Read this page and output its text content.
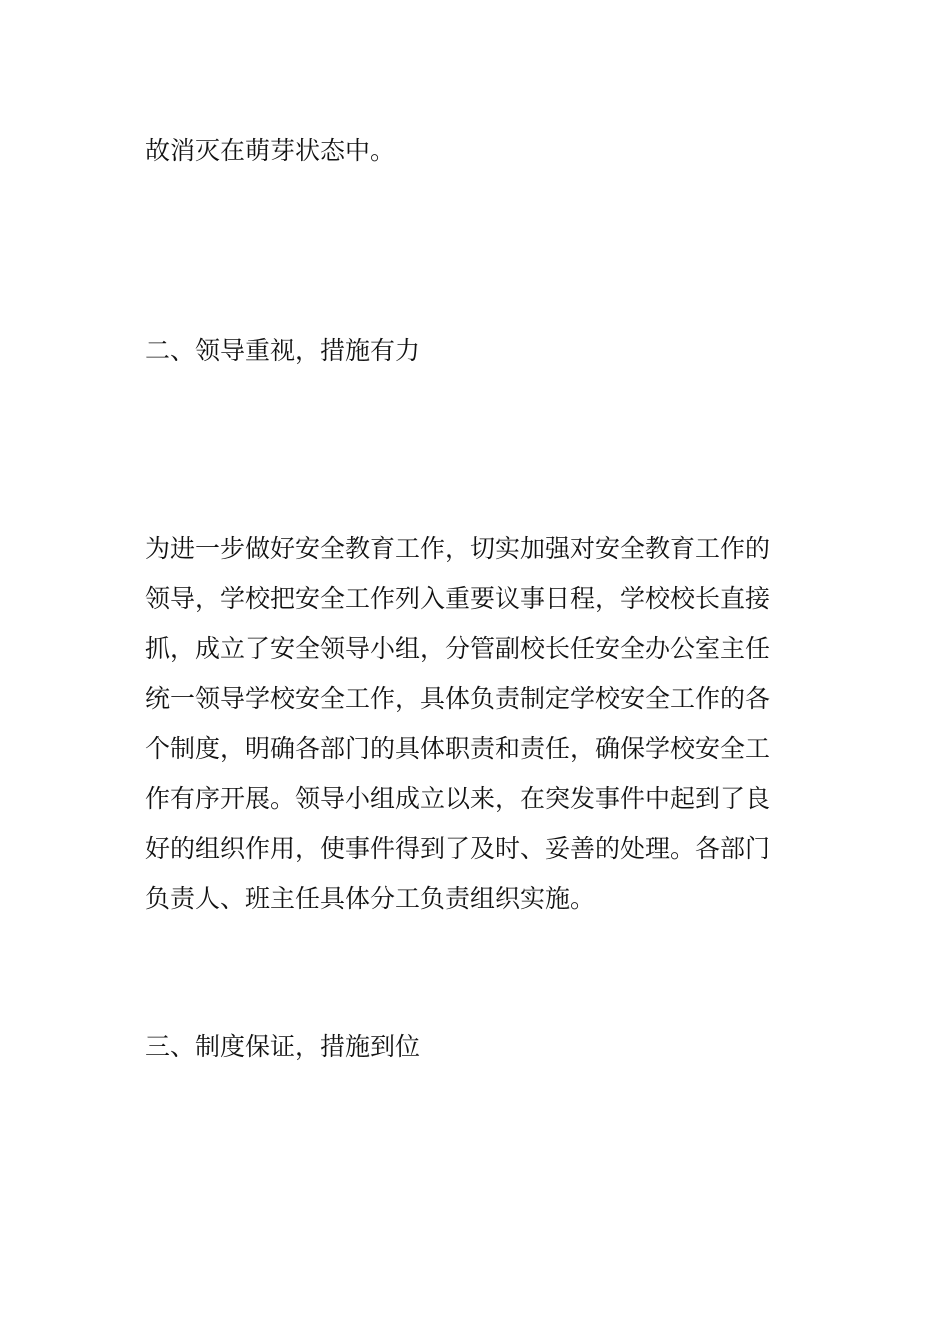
故消灭在萌芽状态中。
二、领导重视，措施有力
为进一步做好安全教育工作，切实加强对安全教育工作的
领导，学校把安全工作列入重要议事日程，学校校长直接
抓，成立了安全领导小组，分管副校长任安全办公室主任
统一领导学校安全工作，具体负责制定学校安全工作的各
个制度，明确各部门的具体职责和责任，确保学校安全工
作有序开展。领导小组成立以来，在突发事件中起到了良
好的组织作用，使事件得到了及时、妥善的处理。各部门
负责人、班主任具体分工负责组织实施。
三、制度保证，措施到位
